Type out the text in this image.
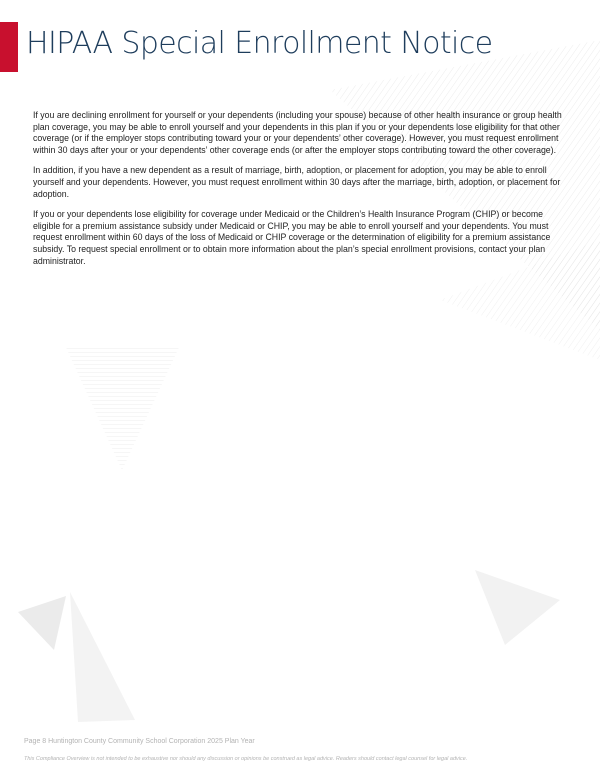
HIPAA Special Enrollment Notice

If you are declining enrollment for yourself or your dependents (including your spouse) because of other health insurance or group health plan coverage, you may be able to enroll yourself and your dependents in this plan if you or your dependents lose eligibility for that other coverage (or if the employer stops contributing toward your or your dependents’ other coverage). However, you must request enrollment within 30 days after your or your dependents’ other coverage ends (or after the employer stops contributing toward the other coverage).

In addition, if you have a new dependent as a result of marriage, birth, adoption, or placement for adoption, you may be able to enroll yourself and your dependents. However, you must request enrollment within 30 days after the marriage, birth, adoption, or placement for adoption.

If you or your dependents lose eligibility for coverage under Medicaid or the Children’s Health Insurance Program (CHIP) or become eligible for a premium assistance subsidy under Medicaid or CHIP, you may be able to enroll yourself and your dependents. You must request enrollment within 60 days of the loss of Medicaid or CHIP coverage or the determination of eligibility for a premium assistance subsidy. To request special enrollment or to obtain more information about the plan’s special enrollment provisions, contact your plan administrator.

Page 8 Huntington County Community School Corporation 2025 Plan Year
This Compliance Overview is not intended to be exhaustive nor should any discussion or opinions be construed as legal advice. Readers should contact legal counsel for legal advice.
